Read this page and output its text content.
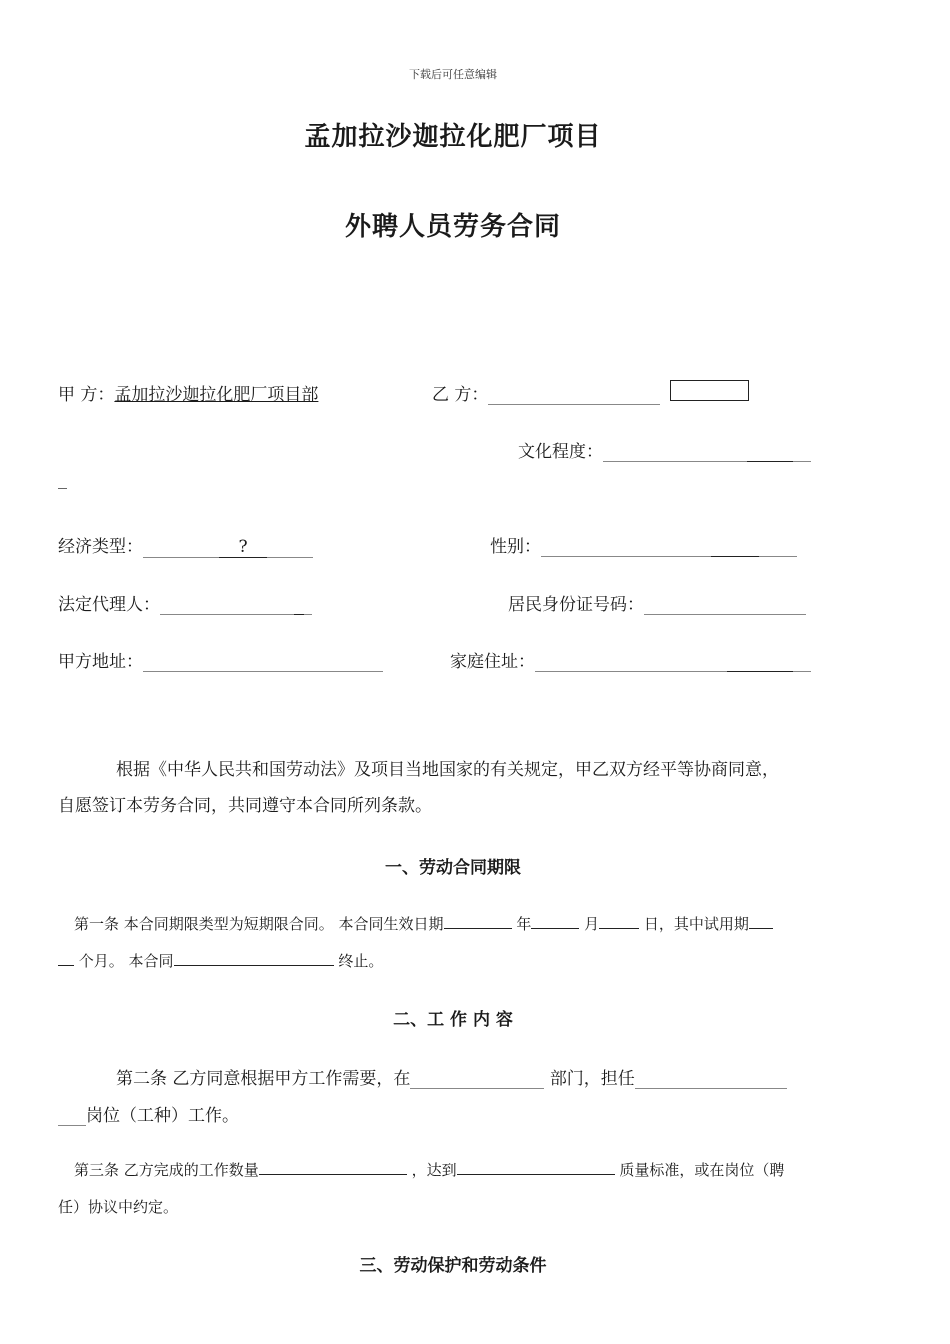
下载后可任意编辑
孟加拉沙迦拉化肥厂项目
外聘人员劳务合同
甲 方：孟加拉沙迦拉化肥厂项目部	乙 方：
文化程度：
经济类型：	?	性别：
法定代理人：	居民身份证号码：
甲方地址：	家庭住址：
根据《中华人民共和国劳动法》及项目当地国家的有关规定，甲乙双方经平等协商同意，
自愿签订本劳务合同，共同遵守本合同所列条款。
一、劳动合同期限
第一条 本合同期限类型为短期限合同。 本合同生效日期	年	月	日，其中试用期
个月。 本合同	终止。
二、工 作 内 容
第二条 乙方同意根据甲方工作需要，在	部门，担任
岗位（工种）工作。
第三条 乙方完成的工作数量	，达到	质量标准，或在岗位（聘
任）协议中约定。
三、劳动保护和劳动条件
